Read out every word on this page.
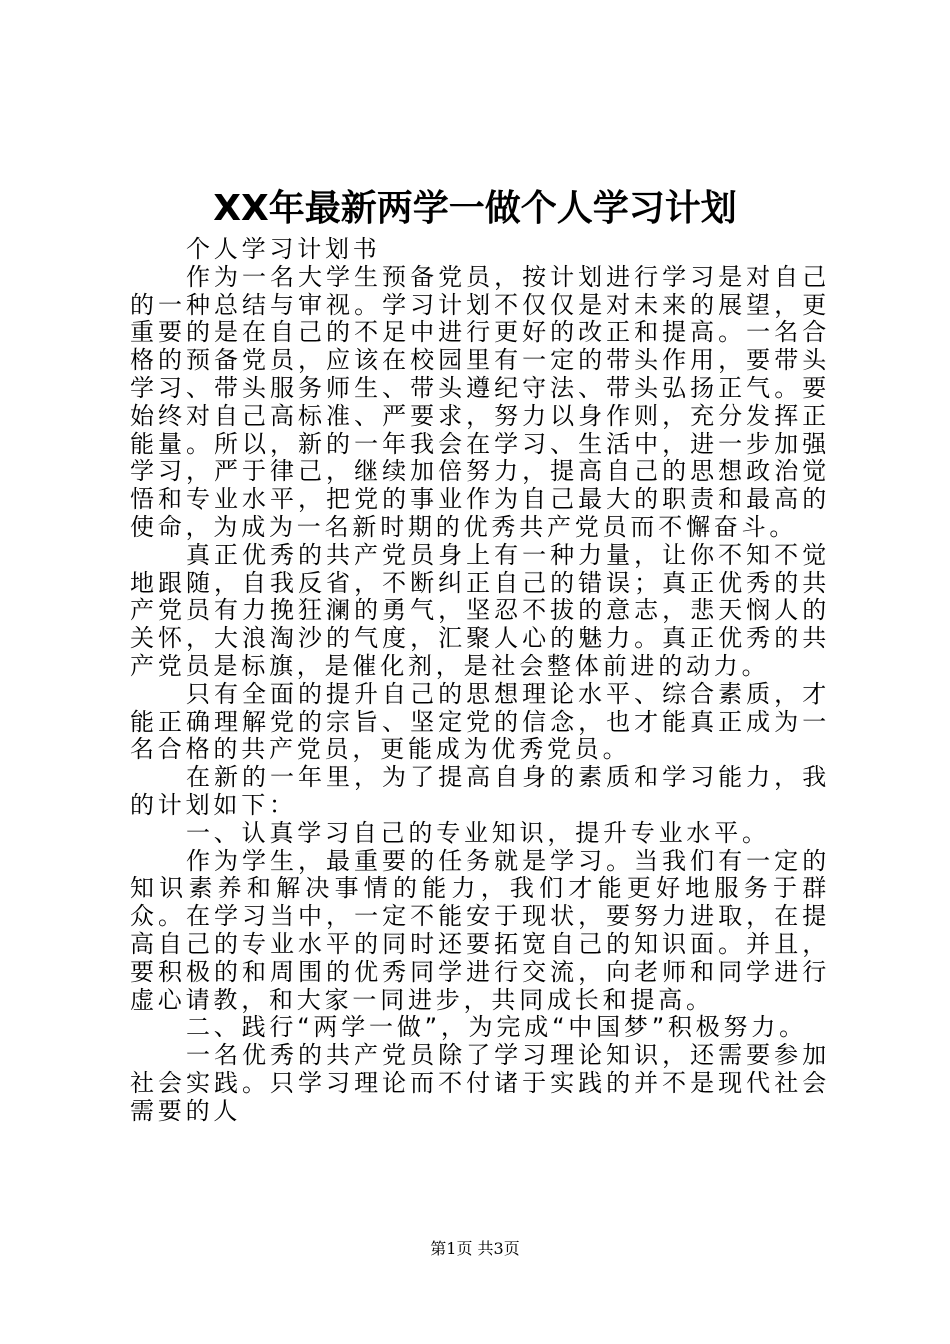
XX年最新两学一做个人学习计划

个人学习计划书

作为一名大学生预备党员，按计划进行学习是对自己的一种总结与审视。学习计划不仅仅是对未来的展望，更重要的是在自己的不足中进行更好的改正和提高。一名合格的预备党员，应该在校园里有一定的带头作用，要带头学习、带头服务师生、带头遵纪守法、带头弘扬正气。要始终对自己高标准、严要求，努力以身作则，充分发挥正能量。所以，新的一年我会在学习、生活中，进一步加强学习，严于律己，继续加倍努力，提高自己的思想政治觉悟和专业水平，把党的事业作为自己最大的职责和最高的使命，为成为一名新时期的优秀共产党员而不懈奋斗。

真正优秀的共产党员身上有一种力量，让你不知不觉地跟随，自我反省，不断纠正自己的错误；真正优秀的共产党员有力挽狂澜的勇气，坚忍不拔的意志，悲天悯人的关怀，大浪淘沙的气度，汇聚人心的魅力。真正优秀的共产党员是标旗，是催化剂，是社会整体前进的动力。

只有全面的提升自己的思想理论水平、综合素质，才能正确理解党的宗旨、坚定党的信念，也才能真正成为一名合格的共产党员，更能成为优秀党员。

在新的一年里，为了提高自身的素质和学习能力，我的计划如下：

一、认真学习自己的专业知识，提升专业水平。

作为学生，最重要的任务就是学习。当我们有一定的知识素养和解决事情的能力，我们才能更好地服务于群众。在学习当中，一定不能安于现状，要努力进取，在提高自己的专业水平的同时还要拓宽自己的知识面。并且，要积极的和周围的优秀同学进行交流，向老师和同学进行虚心请教，和大家一同进步，共同成长和提高。

二、践行“两学一做”，为完成“中国梦”积极努力。

一名优秀的共产党员除了学习理论知识，还需要参加社会实践。只学习理论而不付诸于实践的并不是现代社会需要的人

第1页 共3页
